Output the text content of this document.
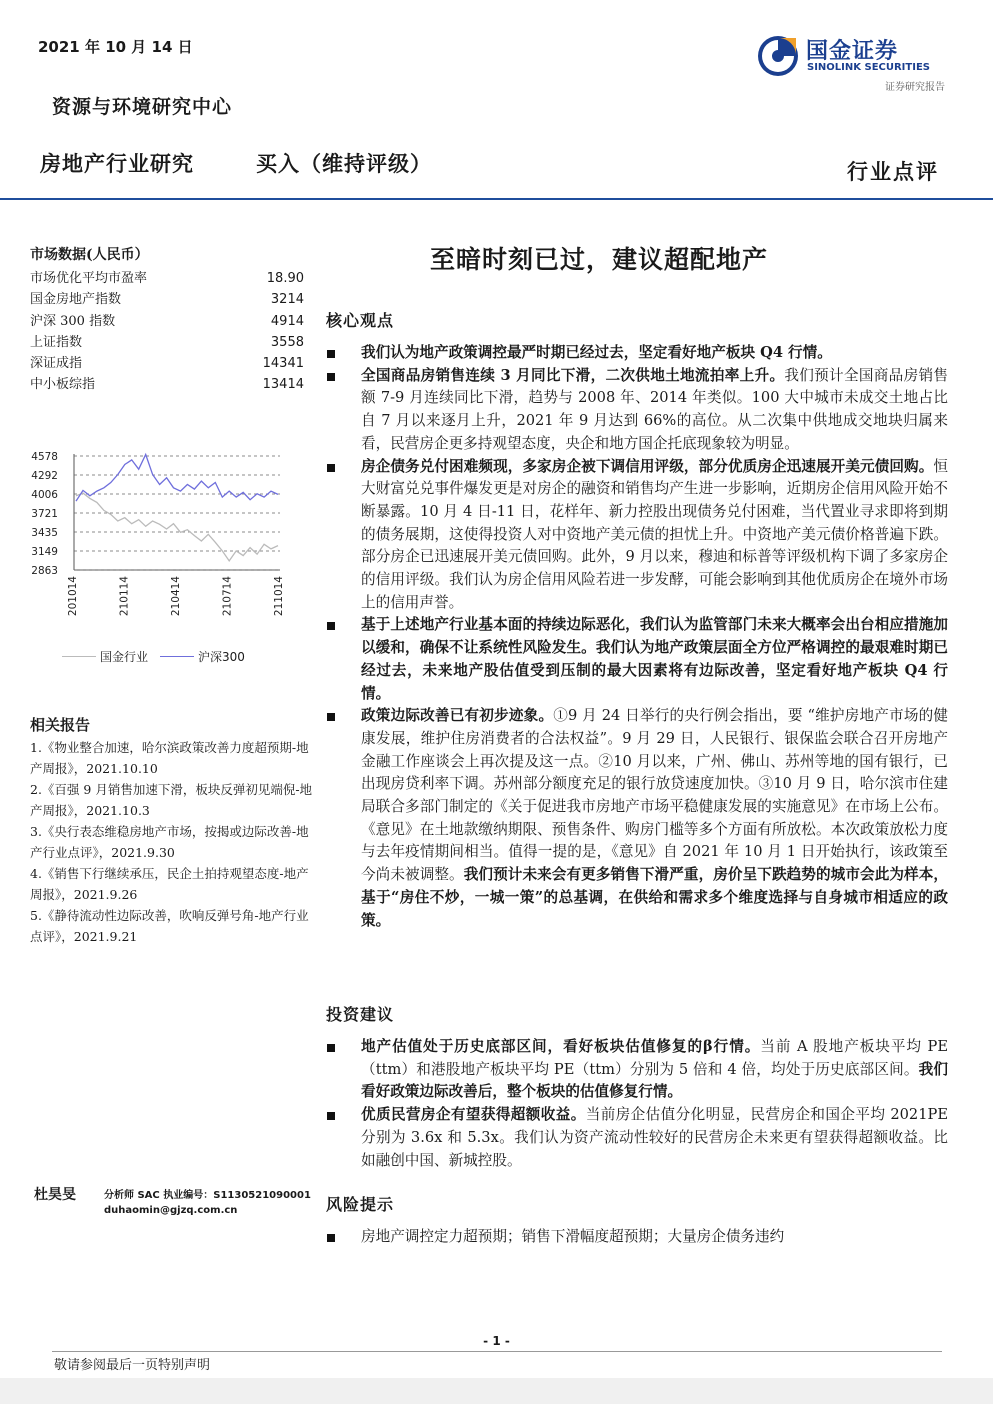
2021 年 10 月 14 日	国金证券
SINOLINK SECURITIES
证券研究报告
资源与环境研究中心
房地产行业研究	买入（维持评级）	行业点评
市场数据(人民币）
市场优化平均市盈率	18.90
国金房地产指数	3214
沪深 300 指数	4914
上证指数	3558
深证成指	14341
中小板综指	13414
4578
4292
4006
3721
3435
3149
2863
201014	210114	210414	210714	211014
国金行业	沪深300
相关报告
1.《物业整合加速，哈尔滨政策改善力度超预期-地产周报》，2021.10.10
2.《百强 9 月销售加速下滑，板块反弹初见端倪-地产周报》，2021.10.3
3.《央行表态维稳房地产市场，按揭或边际改善-地产行业点评》，2021.9.30
4.《销售下行继续承压，民企土拍持观望态度-地产周报》，2021.9.26
5.《静待流动性边际改善，吹响反弹号角-地产行业点评》，2021.9.21
杜昊旻	分析师 SAC 执业编号：S1130521090001
duhaomin@gjzq.com.cn
至暗时刻已过，建议超配地产
核心观点
我们认为地产政策调控最严时期已经过去，坚定看好地产板块 Q4 行情。
全国商品房销售连续 3 月同比下滑，二次供地土地流拍率上升。我们预计全国商品房销售额 7-9 月连续同比下滑，趋势与 2008 年、2014 年类似。100 大中城市未成交土地占比自 7 月以来逐月上升，2021 年 9 月达到 66%的高位。从二次集中供地成交地块归属来看，民营房企更多持观望态度，央企和地方国企托底现象较为明显。
房企债务兑付困难频现，多家房企被下调信用评级，部分优质房企迅速展开美元债回购。恒大财富兑兑事件爆发更是对房企的融资和销售均产生进一步影响，近期房企信用风险开始不断暴露。10 月 4 日-11 日，花样年、新力控股出现债务兑付困难，当代置业寻求即将到期的债务展期，这使得投资人对中资地产美元债的担忧上升。中资地产美元债价格普遍下跌。部分房企已迅速展开美元债回购。此外，9 月以来，穆迪和标普等评级机构下调了多家房企的信用评级。我们认为房企信用风险若进一步发酵，可能会影响到其他优质房企在境外市场上的信用声誉。
基于上述地产行业基本面的持续边际恶化，我们认为监管部门未来大概率会出台相应措施加以缓和，确保不让系统性风险发生。我们认为地产政策层面全方位严格调控的最艰难时期已经过去，未来地产股估值受到压制的最大因素将有边际改善，坚定看好地产板块 Q4 行情。
政策边际改善已有初步迹象。①9 月 24 日举行的央行例会指出，要 “维护房地产市场的健康发展，维护住房消费者的合法权益”。9 月 29 日，人民银行、银保监会联合召开房地产金融工作座谈会上再次提及这一点。②10 月以来，广州、佛山、苏州等地的国有银行，已出现房贷利率下调。苏州部分额度充足的银行放贷速度加快。③10 月 9 日，哈尔滨市住建局联合多部门制定的《关于促进我市房地产市场平稳健康发展的实施意见》在市场上公布。《意见》在土地款缴纳期限、预售条件、购房门槛等多个方面有所放松。本次政策放松力度与去年疫情期间相当。值得一提的是，《意见》自 2021 年 10 月 1 日开始执行，该政策至今尚未被调整。我们预计未来会有更多销售下滑严重，房价呈下跌趋势的城市会此为样本，基于“房住不炒，一城一策”的总基调，在供给和需求多个维度选择与自身城市相适应的政策。
投资建议
地产估值处于历史底部区间，看好板块估值修复的β行情。当前 A 股地产板块平均 PE（ttm）和港股地产板块平均 PE（ttm）分别为 5 倍和 4 倍，均处于历史底部区间。我们看好政策边际改善后，整个板块的估值修复行情。
优质民营房企有望获得超额收益。当前房企估值分化明显，民营房企和国企平均 2021PE 分别为 3.6x 和 5.3x。我们认为资产流动性较好的民营房企未来更有望获得超额收益。比如融创中国、新城控股。
风险提示
房地产调控定力超预期；销售下滑幅度超预期；大量房企债务违约
- 1 -
敬请参阅最后一页特别声明
